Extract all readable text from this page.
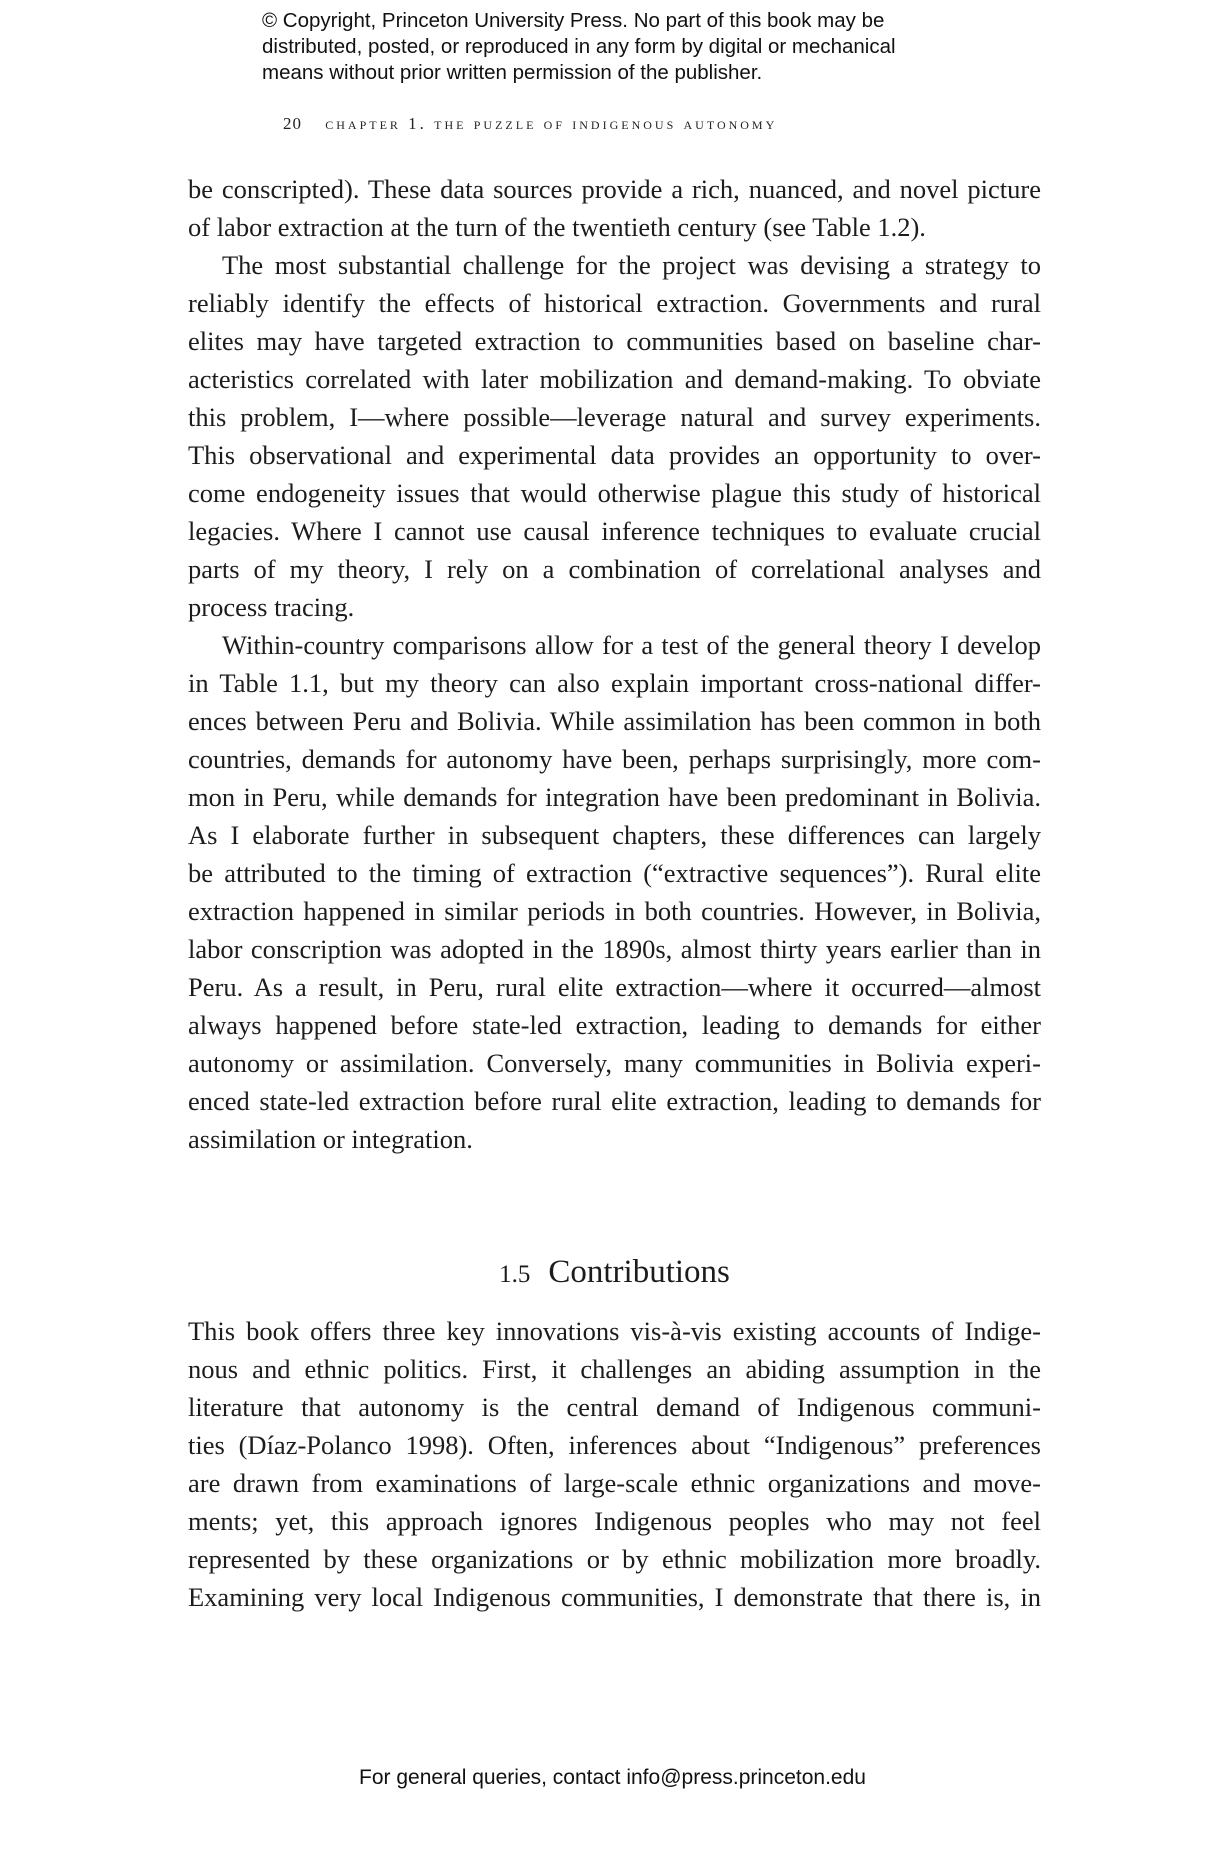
© Copyright, Princeton University Press. No part of this book may be
distributed, posted, or reproduced in any form by digital or mechanical
means without prior written permission of the publisher.
20 chapter 1. the puzzle of indigenous autonomy
be conscripted). These data sources provide a rich, nuanced, and novel picture
of labor extraction at the turn of the twentieth century (see Table 1.2).
The most substantial challenge for the project was devising a strategy to
reliably identify the effects of historical extraction. Governments and rural
elites may have targeted extraction to communities based on baseline char-
acteristics correlated with later mobilization and demand-making. To obviate
this problem, I—where possible—leverage natural and survey experiments.
This observational and experimental data provides an opportunity to over-
come endogeneity issues that would otherwise plague this study of historical
legacies. Where I cannot use causal inference techniques to evaluate crucial
parts of my theory, I rely on a combination of correlational analyses and
process tracing.
Within-country comparisons allow for a test of the general theory I develop
in Table 1.1, but my theory can also explain important cross-national differ-
ences between Peru and Bolivia. While assimilation has been common in both
countries, demands for autonomy have been, perhaps surprisingly, more com-
mon in Peru, while demands for integration have been predominant in Bolivia.
As I elaborate further in subsequent chapters, these differences can largely
be attributed to the timing of extraction (“extractive sequences”). Rural elite
extraction happened in similar periods in both countries. However, in Bolivia,
labor conscription was adopted in the 1890s, almost thirty years earlier than in
Peru. As a result, in Peru, rural elite extraction—where it occurred—almost
always happened before state-led extraction, leading to demands for either
autonomy or assimilation. Conversely, many communities in Bolivia experi-
enced state-led extraction before rural elite extraction, leading to demands for
assimilation or integration.
1.5 Contributions
This book offers three key innovations vis-à-vis existing accounts of Indige-
nous and ethnic politics. First, it challenges an abiding assumption in the
literature that autonomy is the central demand of Indigenous communi-
ties (Díaz-Polanco 1998). Often, inferences about “Indigenous” preferences
are drawn from examinations of large-scale ethnic organizations and move-
ments; yet, this approach ignores Indigenous peoples who may not feel
represented by these organizations or by ethnic mobilization more broadly.
Examining very local Indigenous communities, I demonstrate that there is, in
For general queries, contact info@press.princeton.edu
